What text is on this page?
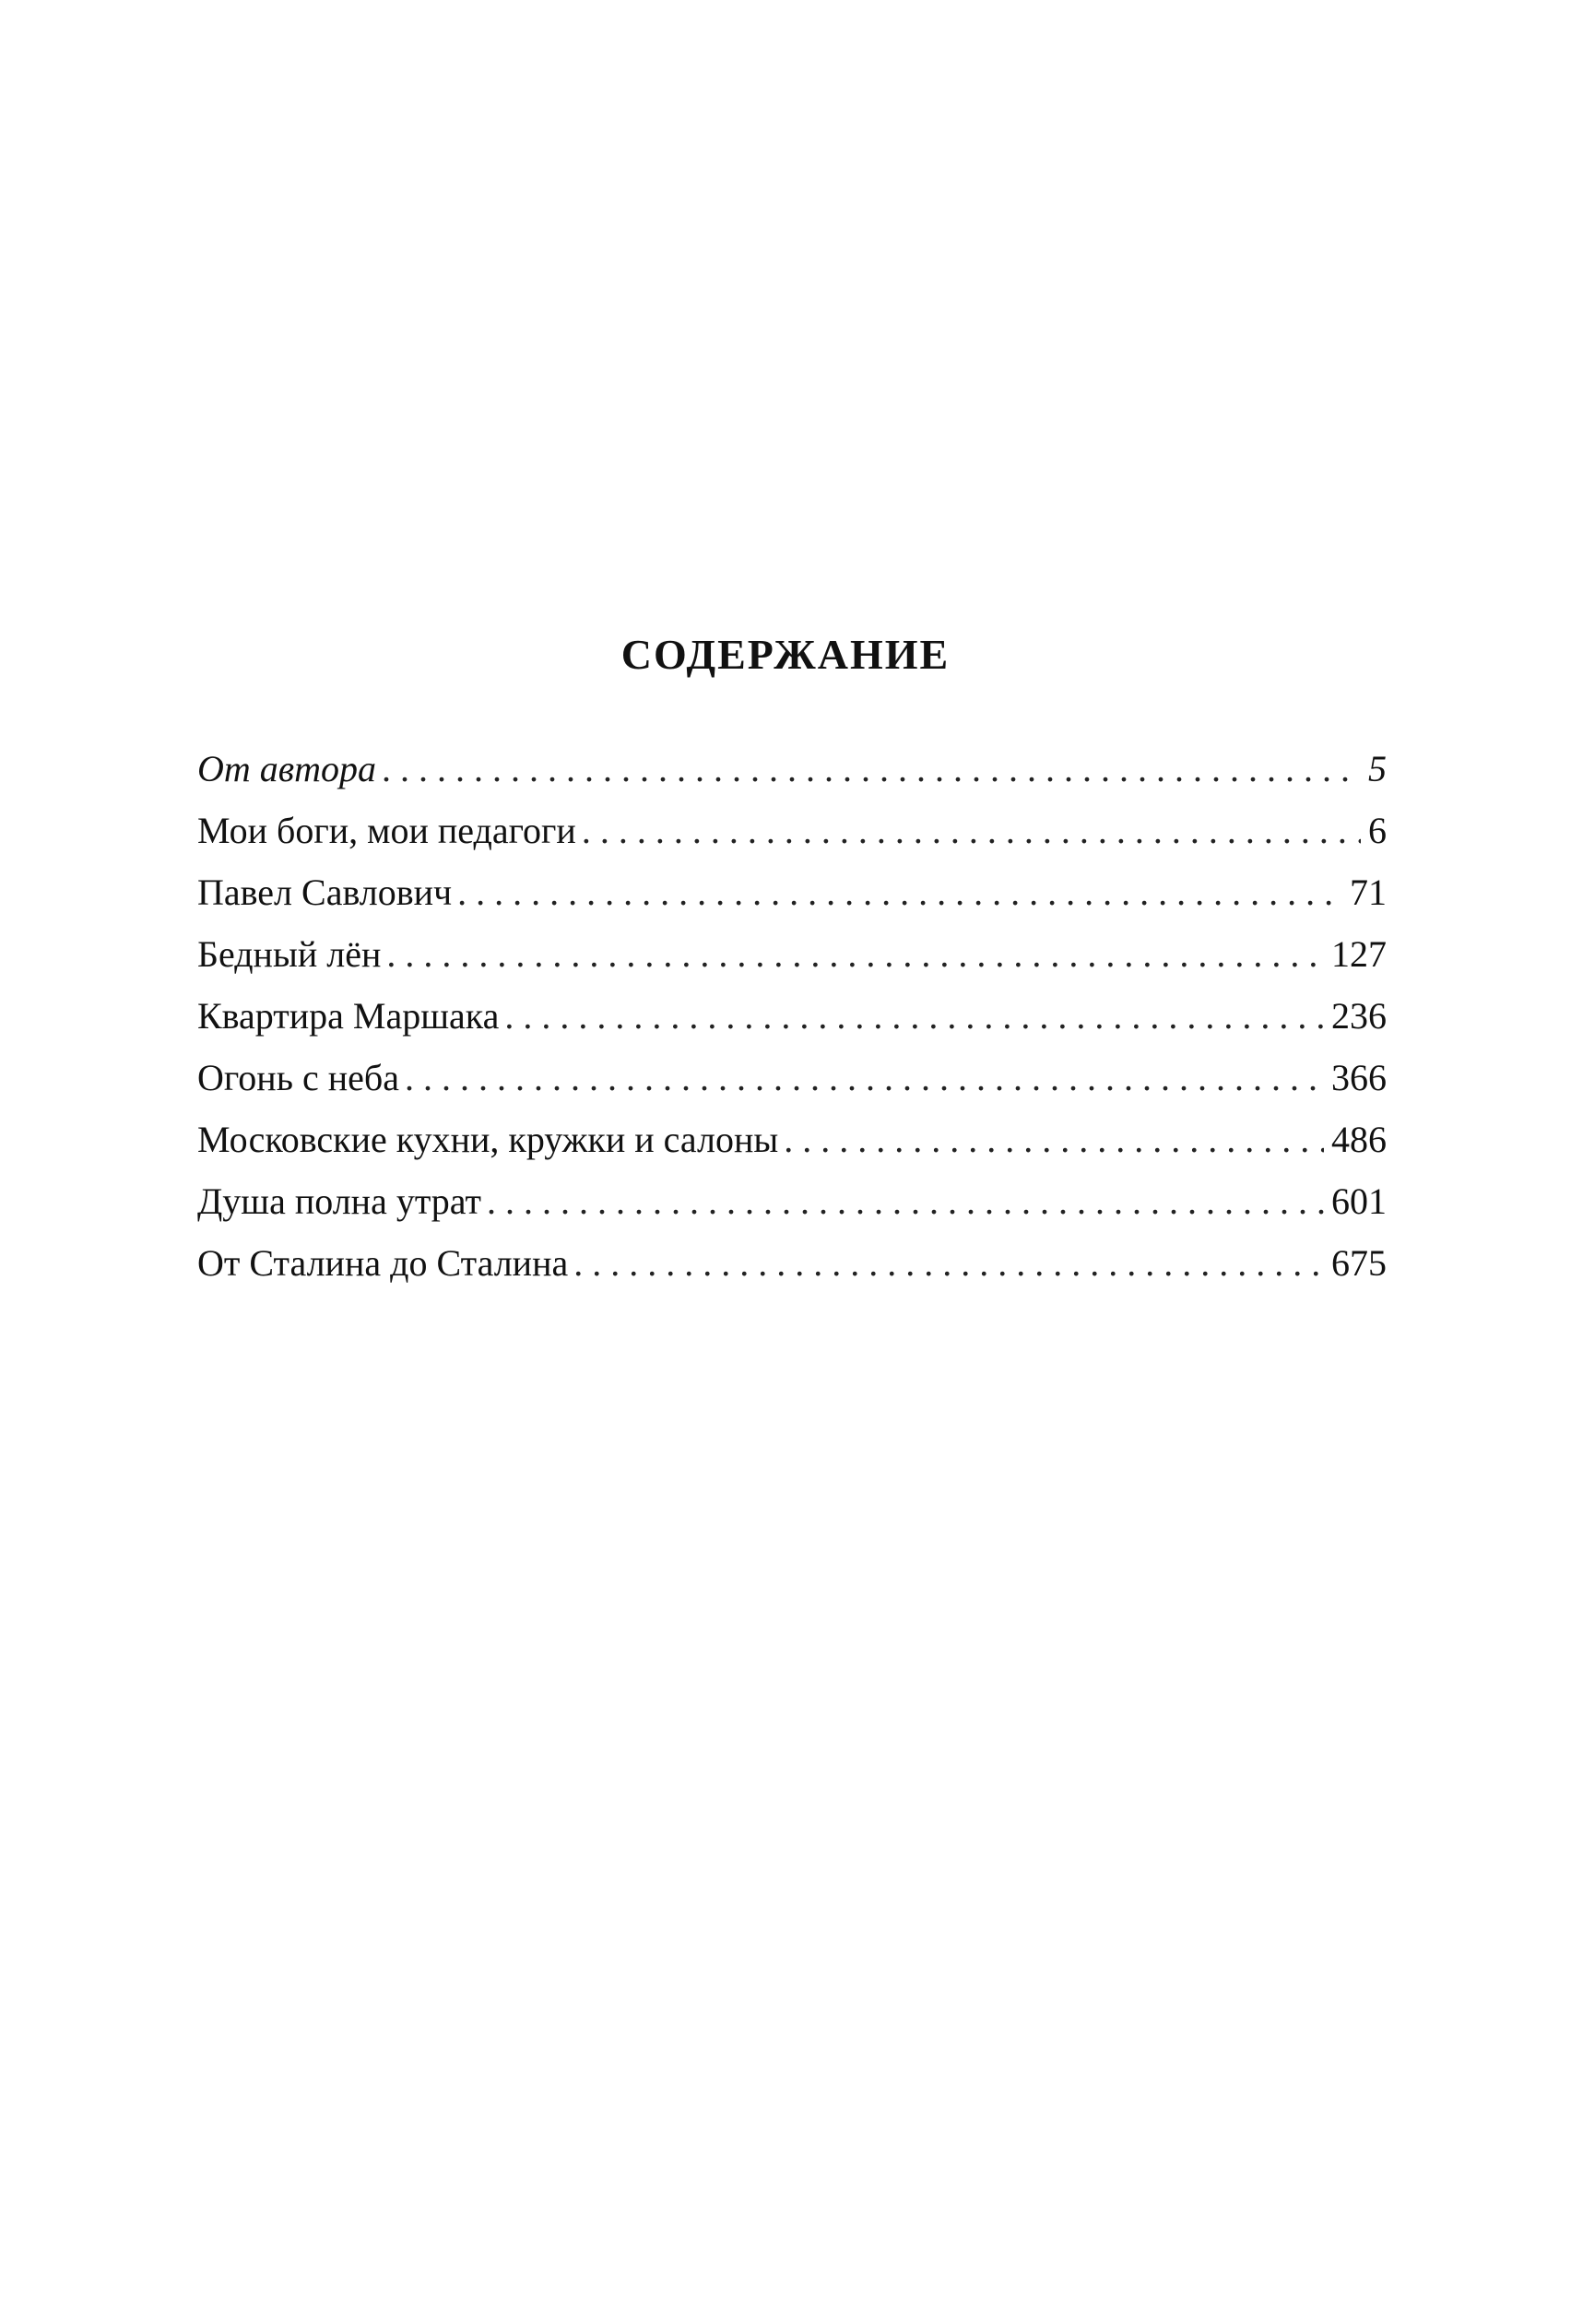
СОДЕРЖАНИЕ
От автора . . .	5
Мои боги, мои педагоги . . .	6
Павел Савлович . . .	71
Бедный лён . . .	127
Квартира Маршака . . .	236
Огонь с неба . . .	366
Московские кухни, кружки и салоны . . .	486
Душа полна утрат . . .	601
От Сталина до Сталина . . .	675
